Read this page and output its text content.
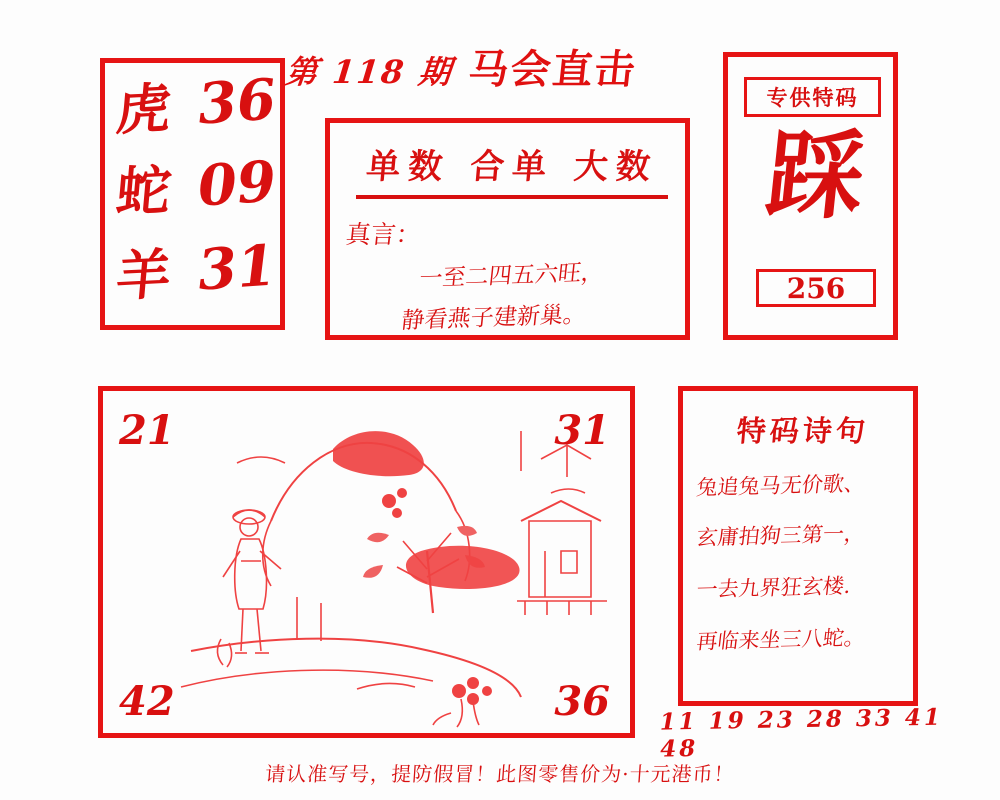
第 118 期 马会直击
虎 36
蛇 09
羊 31
单数 合单 大数
真言：
一至二四五六旺，
静看燕子建新巢。
专供特码
踩
256
21	31
42	36
特码诗句
兔追兔马无价歌、
玄庸拍狗三第一，
一去九界狂玄楼.
再临来坐三八蛇。
11 19 23 28 33 41 48
请认准写号，提防假冒！此图零售价为·十元港币！
